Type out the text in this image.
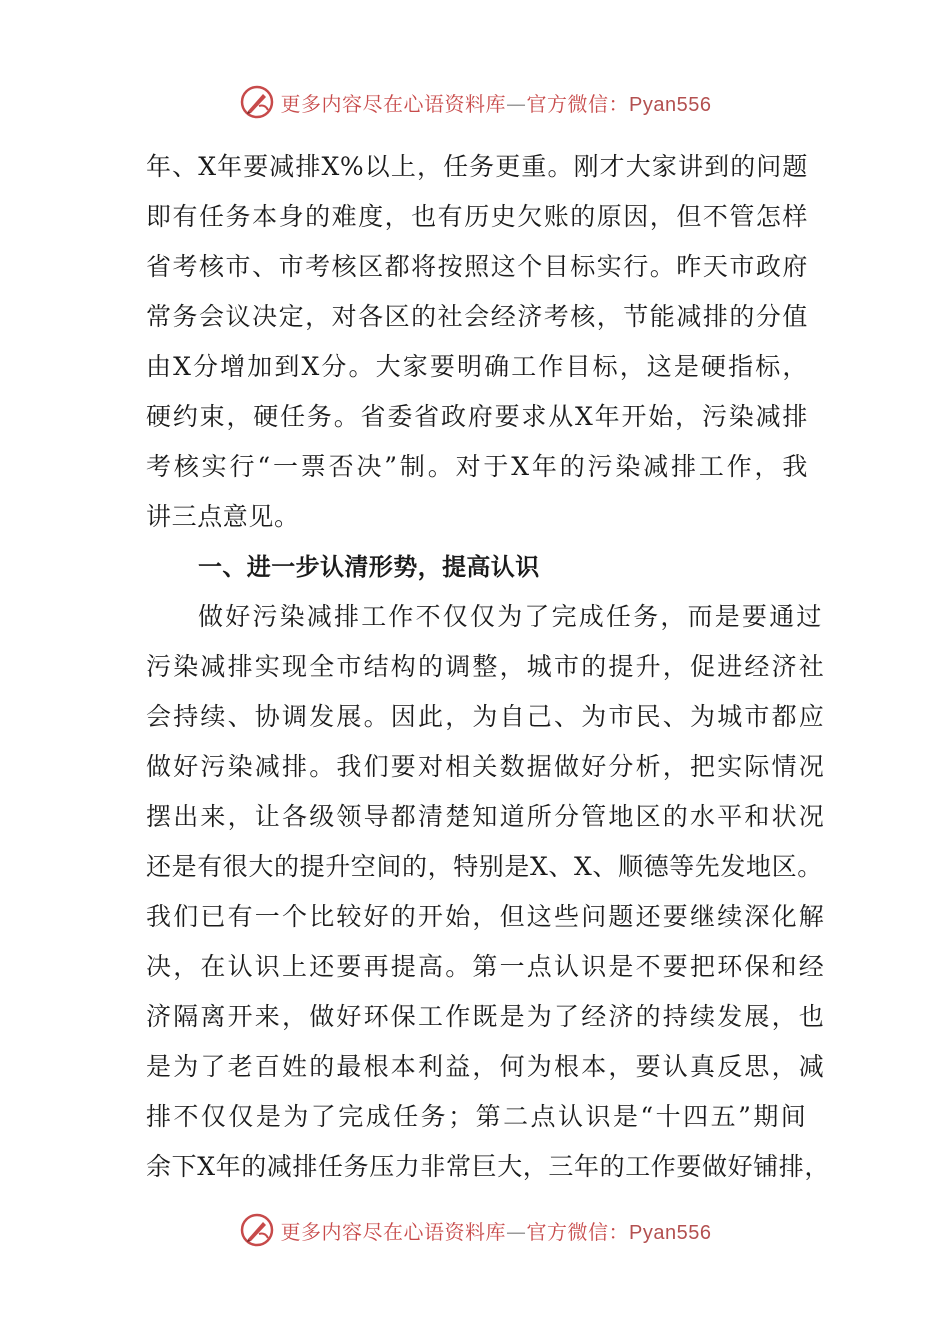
更多内容尽在心语资料库—官方微信：Pyan556
年、X年要减排X%以上，任务更重。刚才大家讲到的问题
即有任务本身的难度，也有历史欠账的原因，但不管怎样
省考核市、市考核区都将按照这个目标实行。昨天市政府
常务会议决定，对各区的社会经济考核，节能减排的分值
由X分增加到X分。大家要明确工作目标，这是硬指标，
硬约束，硬任务。省委省政府要求从X年开始，污染减排
考核实行“一票否决”制。对于X年的污染减排工作，我
讲三点意见。
一、进一步认清形势，提高认识
做好污染减排工作不仅仅为了完成任务，而是要通过
污染减排实现全市结构的调整，城市的提升，促进经济社
会持续、协调发展。因此，为自己、为市民、为城市都应
做好污染减排。我们要对相关数据做好分析，把实际情况
摆出来，让各级领导都清楚知道所分管地区的水平和状况
还是有很大的提升空间的，特别是X、X、顺德等先发地区。
我们已有一个比较好的开始，但这些问题还要继续深化解
决，在认识上还要再提高。第一点认识是不要把环保和经
济隔离开来，做好环保工作既是为了经济的持续发展，也
是为了老百姓的最根本利益，何为根本，要认真反思，减
排不仅仅是为了完成任务；第二点认识是“十四五”期间
余下X年的减排任务压力非常巨大，三年的工作要做好铺排，
更多内容尽在心语资料库—官方微信：Pyan556
